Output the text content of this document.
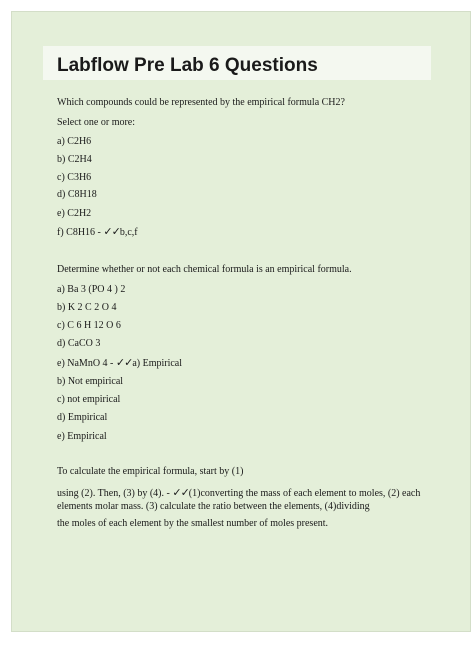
Labflow Pre Lab 6 Questions
Which compounds could be represented by the empirical formula CH2?
Select one or more:
a) C2H6
b) C2H4
c) C3H6
d) C8H18
e) C2H2
f) C8H16 - ✓✓b,c,f
Determine whether or not each chemical formula is an empirical formula.
a) Ba 3 (PO 4 ) 2
b) K 2 C 2 O 4
c) C 6 H 12 O 6
d) CaCO 3
e) NaMnO 4 - ✓✓a) Empirical
b) Not empirical
c) not empirical
d) Empirical
e) Empirical
To calculate the empirical formula, start by (1)
using (2). Then, (3) by (4). - ✓✓(1)converting the mass of each element to moles, (2) each
elements molar mass. (3) calculate the ratio between the elements, (4)dividing
the moles of each element by the smallest number of moles present.
